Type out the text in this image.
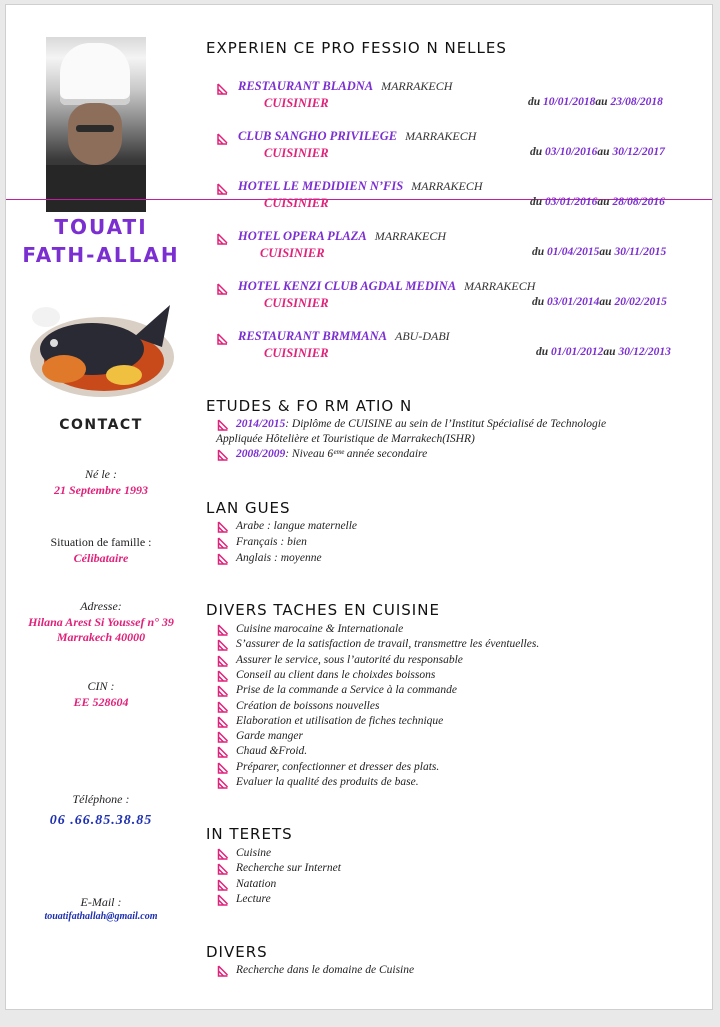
TOUATI
FATH-ALLAH
CONTACT
Né le :
21 Septembre 1993
Situation de famille :
Célibataire
Adresse:
Hilana Arest Si Youssef n° 39
Marrakech 40000
CIN :
EE 528604
Téléphone :
06 .66.85.38.85
E-Mail :
touatifathallah@gmail.com
EXPERIEN CE PRO FESSIO N NELLES
RESTAURANT BLADNA MARRAKECH
CUISINIER	du 10/01/2018au 23/08/2018
CLUB SANGHO PRIVILEGE MARRAKECH
CUISINIER	du 03/10/2016au 30/12/2017
HOTEL LE MEDIDIEN N’FIS MARRAKECH
CUISINIER	du 03/01/2016au 28/08/2016
HOTEL OPERA PLAZA MARRAKECH
CUISINIER	du 01/04/2015au 30/11/2015
HOTEL KENZI CLUB AGDAL MEDINA MARRAKECH
CUISINIER	du 03/01/2014au 20/02/2015
RESTAURANT BRMMANA ABU-DABI
CUISINIER	du 01/01/2012au 30/12/2013
ETUDES & FO RM ATIO N
2014/2015: Diplôme de CUISINE au sein de l’Institut Spécialisé de Technologie
Appliquée Hôtelière et Touristique de Marrakech(ISHR)
2008/2009: Niveau 6ᵉᵐᵉ année secondaire
LAN GUES
Arabe : langue maternelle
Français : bien
Anglais : moyenne
DIVERS TACHES EN CUISINE
Cuisine marocaine & Internationale
S’assurer de la satisfaction de travail, transmettre les éventuelles.
Assurer le service, sous l’autorité du responsable
Conseil au client dans le choixdes boissons
Prise de la commande a Service à la commande
Création de boissons nouvelles
Elaboration et utilisation de fiches technique
Garde manger
Chaud &Froid.
Préparer, confectionner et dresser des plats.
Evaluer la qualité des produits de base.
IN TERETS
Cuisine
Recherche sur Internet
Natation
Lecture
DIVERS
Recherche dans le domaine de Cuisine
